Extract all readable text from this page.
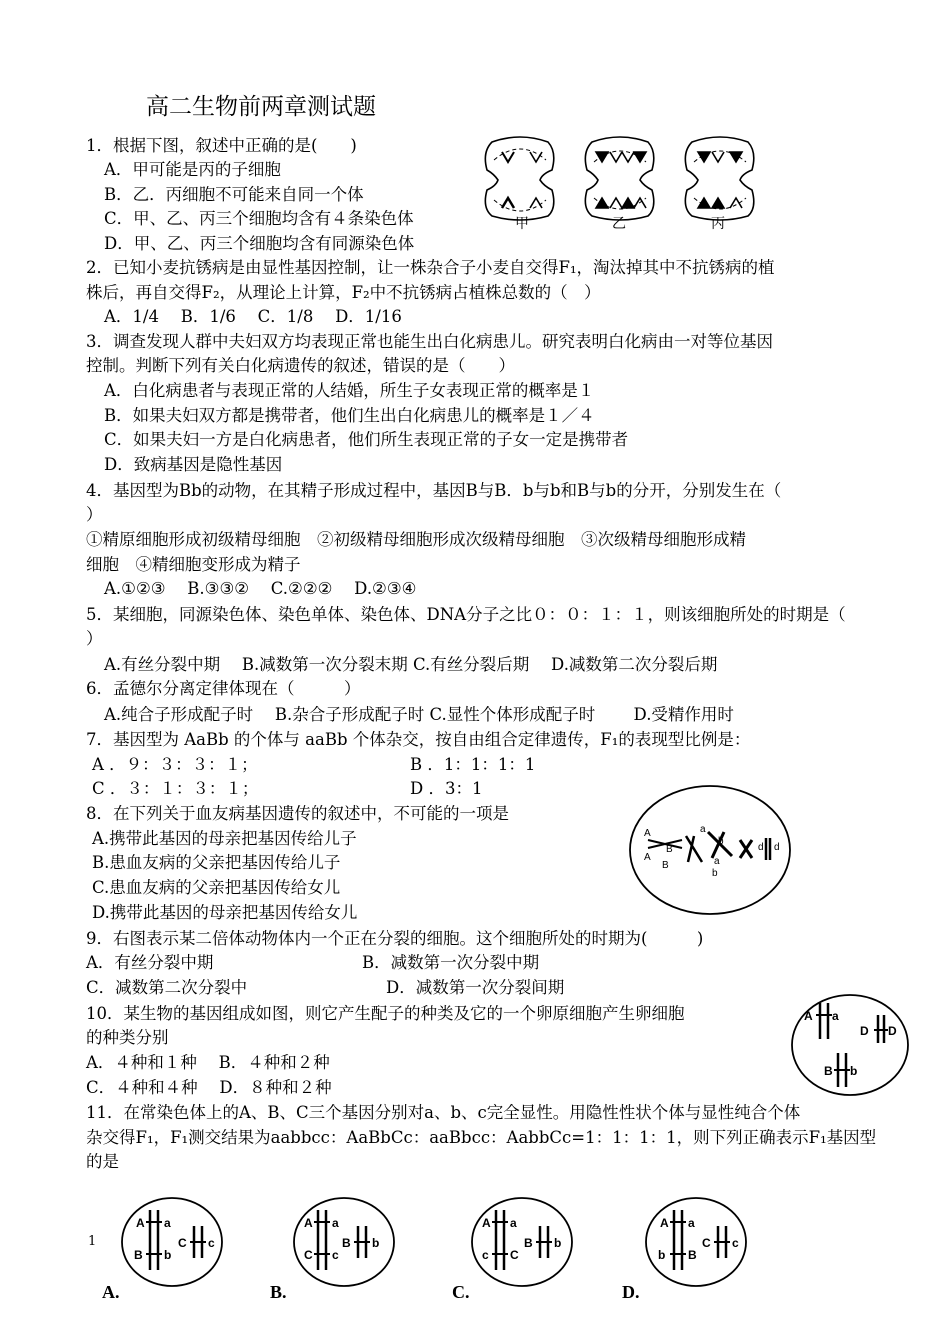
高二生物前两章测试题
1．根据下图，叙述中正确的是(　　)
A．甲可能是丙的子细胞
B．乙．丙细胞不可能来自同一个体
C．甲、乙、丙三个细胞均含有４条染色体
D．甲、乙、丙三个细胞均含有同源染色体
甲	乙	丙
2．已知小麦抗锈病是由显性基因控制，让一株杂合子小麦自交得F₁，淘汰掉其中不抗锈病的植
株后，再自交得F₂，从理论上计算，F₂中不抗锈病占植株总数的（　）
A．1/4　 B．1/6　 C．1/8　 D．1/16
3．调查发现人群中夫妇双方均表现正常也能生出白化病患儿。研究表明白化病由一对等位基因
控制。判断下列有关白化病遗传的叙述，错误的是（　　）
A．白化病患者与表现正常的人结婚，所生子女表现正常的概率是１
B．如果夫妇双方都是携带者，他们生出白化病患儿的概率是１／４
C．如果夫妇一方是白化病患者，他们所生表现正常的子女一定是携带者
D．致病基因是隐性基因
4．基因型为Bb的动物，在其精子形成过程中，基因B与B．b与b和B与b的分开，分别发生在（
）
①精原细胞形成初级精母细胞　②初级精母细胞形成次级精母细胞　③次级精母细胞形成精
细胞　④精细胞变形成为精子
A.①②③　 B.③③②　 C.②②②　 D.②③④
5．某细胞，同源染色体、染色单体、染色体、DNA分子之比０：０：１：１，则该细胞所处的时期是（
）
A.有丝分裂中期　 B.减数第一次分裂末期 C.有丝分裂后期　 D.减数第二次分裂后期
6．孟德尔分离定律体现在（　　　）
A.纯合子形成配子时　 B.杂合子形成配子时 C.显性个体形成配子时　　 D.受精作用时
7．基因型为 AaBb 的个体与 aaBb 个体杂交，按自由组合定律遗传，F₁的表现型比例是：
A ．９：３：３：１；	B ．1：1：1：1
C ．３：１：３：１；	D ．3：1
8．在下列关于血友病基因遗传的叙述中，不可能的一项是
A.携带此基因的母亲把基因传给儿子
B.患血友病的父亲把基因传给儿子
C.患血友病的父亲把基因传给女儿
D.携带此基因的母亲把基因传给女儿
A
B
A
B
a
b
a
b
d d
9．右图表示某二倍体动物体内一个正在分裂的细胞。这个细胞所处的时期为(　　　)
A．有丝分裂中期	B．减数第一次分裂中期
C．减数第二次分裂中	D．减数第一次分裂间期
10．某生物的基因组成如图，则它产生配子的种类及它的一个卵原细胞产生卵细胞
的种类分别
A．４种和１种　 B．４种和２种
C．４种和４种　 D．８种和２种
A a
D D
B b
11．在常染色体上的A、B、C三个基因分别对a、b、c完全显性。用隐性性状个体与显性纯合个体
杂交得F₁，F₁测交结果为aabbcc：AaBbCc：aaBbcc：AabbCc=1：1：1：1，则下列正确表示F₁基因型
的是
1
A a
B b
C c
A a
C c
B b
A a
c C
B b
A a
b B
C c
A.	B.	C.	D.
